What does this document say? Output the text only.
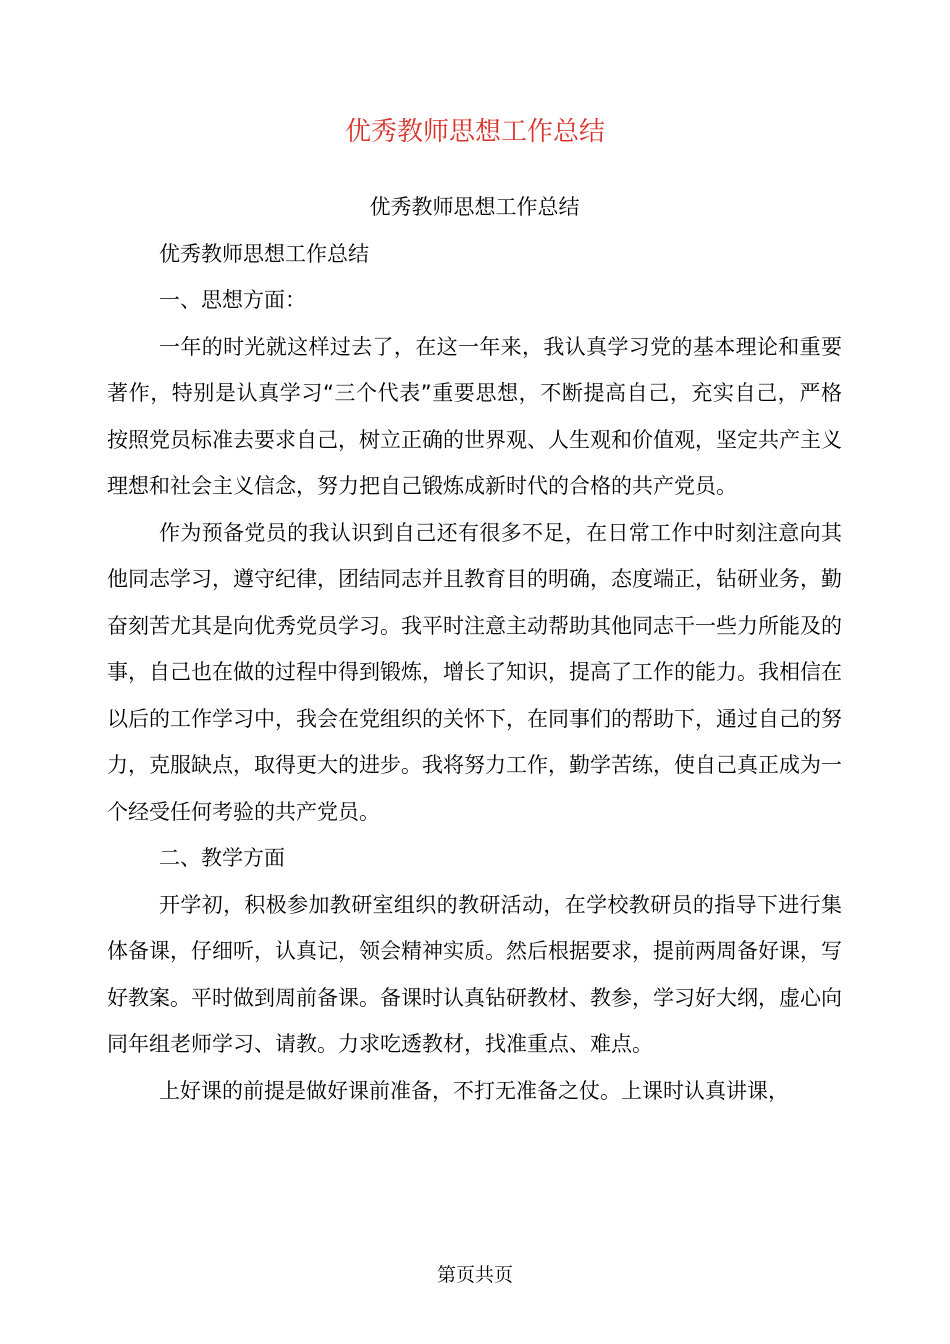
优秀教师思想工作总结

优秀教师思想工作总结

优秀教师思想工作总结

一、思想方面：

一年的时光就这样过去了，在这一年来，我认真学习党的基本理论和重要著作，特别是认真学习“三个代表”重要思想，不断提高自己，充实自己，严格按照党员标准去要求自己，树立正确的世界观、人生观和价值观，坚定共产主义理想和社会主义信念，努力把自己锻炼成新时代的合格的共产党员。

作为预备党员的我认识到自己还有很多不足，在日常工作中时刻注意向其他同志学习，遵守纪律，团结同志并且教育目的明确，态度端正，钻研业务，勤奋刻苦尤其是向优秀党员学习。我平时注意主动帮助其他同志干一些力所能及的事，自己也在做的过程中得到锻炼，增长了知识，提高了工作的能力。我相信在以后的工作学习中，我会在党组织的关怀下，在同事们的帮助下，通过自己的努力，克服缺点，取得更大的进步。我将努力工作，勤学苦练，使自己真正成为一个经受任何考验的共产党员。

二、教学方面

开学初，积极参加教研室组织的教研活动，在学校教研员的指导下进行集体备课，仔细听，认真记，领会精神实质。然后根据要求，提前两周备好课，写好教案。平时做到周前备课。备课时认真钻研教材、教参，学习好大纲，虚心向同年组老师学习、请教。力求吃透教材，找准重点、难点。

上好课的前提是做好课前准备，不打无准备之仗。上课时认真讲课，

第页共页
